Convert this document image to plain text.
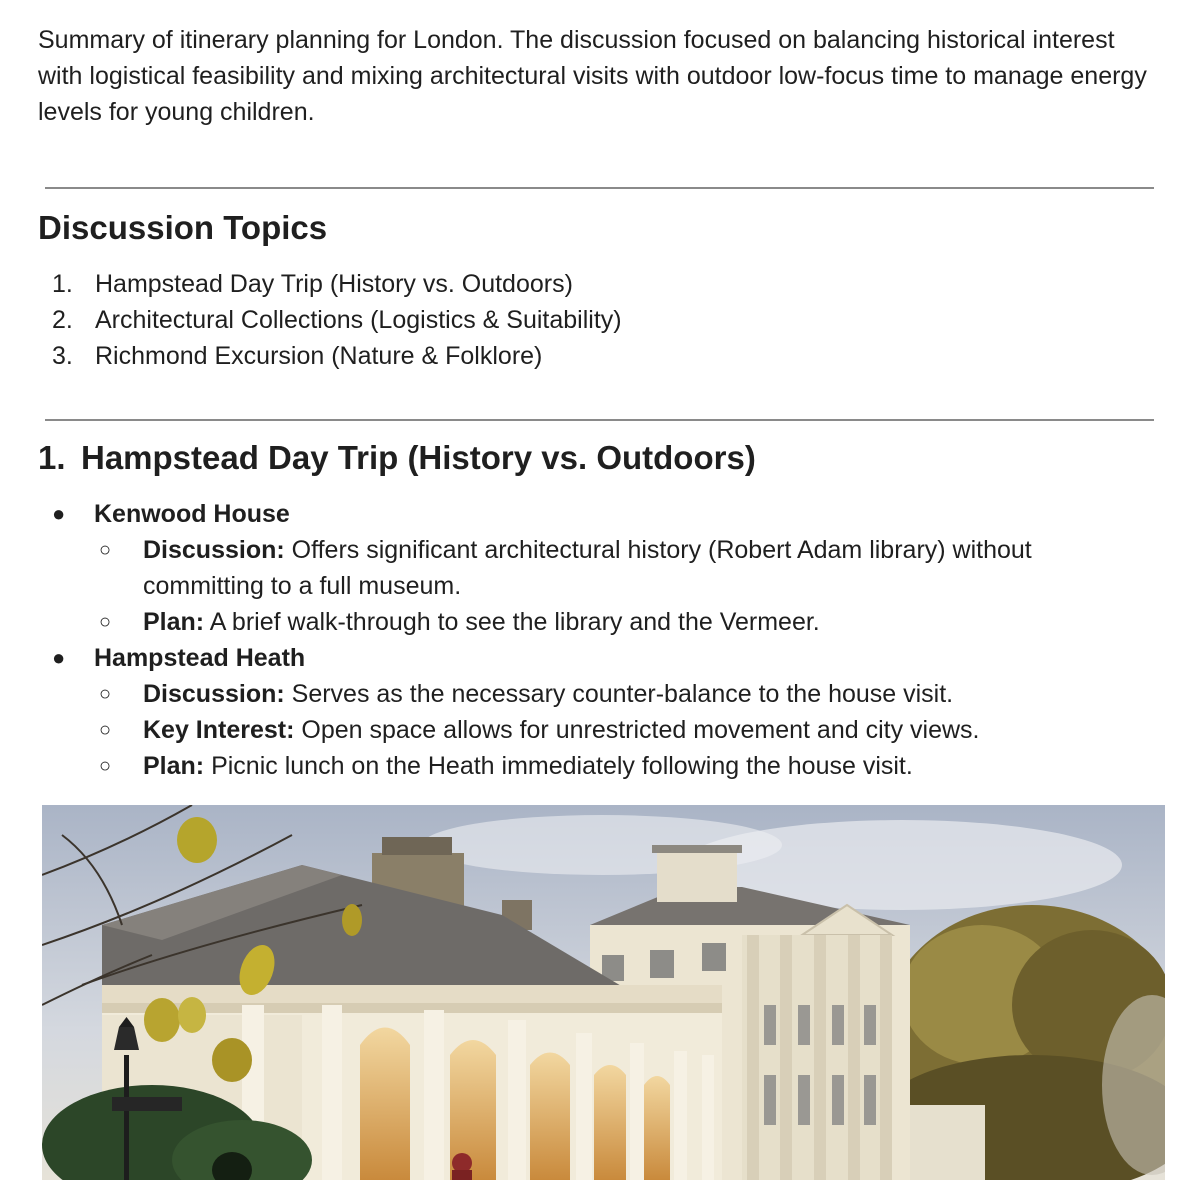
Summary of itinerary planning for London. The discussion focused on balancing historical interest with logistical feasibility and mixing architectural visits with outdoor low-focus time to manage energy levels for young children.

Discussion Topics
1. Hampstead Day Trip (History vs. Outdoors)
2. Architectural Collections (Logistics & Suitability)
3. Richmond Excursion (Nature & Folklore)
1. Hampstead Day Trip (History vs. Outdoors)
● Kenwood House
○ Discussion: Offers significant architectural history (Robert Adam library) without committing to a full museum.
○ Plan: A brief walk-through to see the library and the Vermeer.
● Hampstead Heath
○ Discussion: Serves as the necessary counter-balance to the house visit.
○ Key Interest: Open space allows for unrestricted movement and city views.
○ Plan: Picnic lunch on the Heath immediately following the house visit.
